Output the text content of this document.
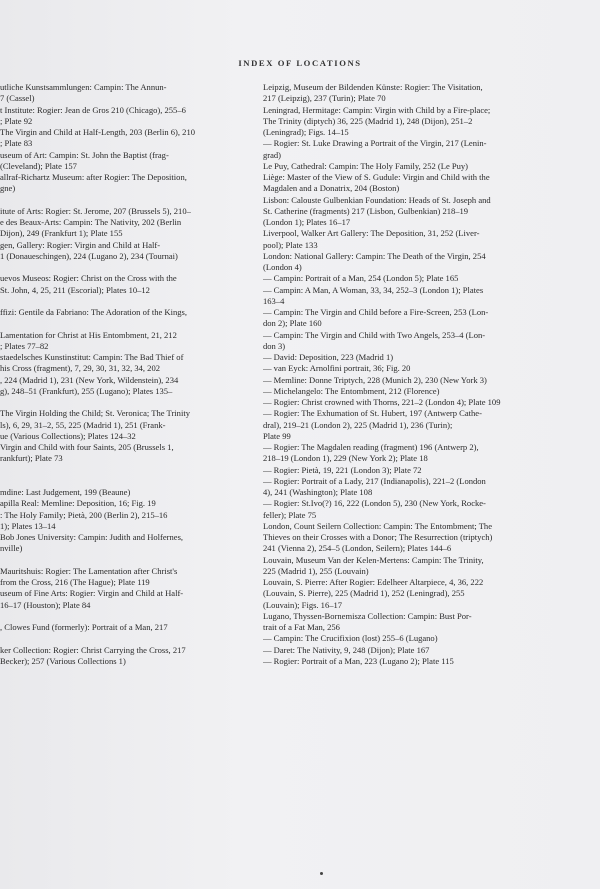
INDEX OF LOCATIONS
utliche Kunstsammlungen: Campin: The Annun-
7 (Cassel)
t Institute: Rogier: Jean de Gros 210 (Chicago), 255–6
; Plate 92
The Virgin and Child at Half-Length, 203 (Berlin 6), 210
; Plate 83
useum of Art: Campin: St. John the Baptist (frag-
(Cleveland); Plate 157
allraf-Richartz Museum: after Rogier: The Deposition,
gne)

itute of Arts: Rogier: St. Jerome, 207 (Brussels 5), 210–
e des Beaux-Arts: Campin: The Nativity, 202 (Berlin
Dijon), 249 (Frankfurt 1); Plate 155
gen, Gallery: Rogier: Virgin and Child at Half-
1 (Donaueschingen), 224 (Lugano 2), 234 (Tournai)

uevos Museos: Rogier: Christ on the Cross with the
St. John, 4, 25, 211 (Escorial); Plates 10–12

ffizi: Gentile da Fabriano: The Adoration of the Kings,

Lamentation for Christ at His Entombment, 21, 212
; Plates 77–82
staedelsches Kunstinstitut: Campin: The Bad Thief of
his Cross (fragment), 7, 29, 30, 31, 32, 34, 202
, 224 (Madrid 1), 231 (New York, Wildenstein), 234
g), 248–51 (Frankfurt), 255 (Lugano); Plates 135–

The Virgin Holding the Child; St. Veronica; The Trinity
ls), 6, 29, 31–2, 55, 225 (Madrid 1), 251 (Frank-
ue (Various Collections); Plates 124–32
Virgin and Child with four Saints, 205 (Brussels 1,
rankfurt); Plate 73

mdine: Last Judgement, 199 (Beaune)
apilla Real: Memline: Deposition, 16; Fig. 19
: The Holy Family; Pietà, 200 (Berlin 2), 215–16
1); Plates 13–14
Bob Jones University: Campin: Judith and Holfernes,
nville)

Mauritshuis: Rogier: The Lamentation after Christ's
from the Cross, 216 (The Hague); Plate 119
useum of Fine Arts: Rogier: Virgin and Child at Half-
16–17 (Houston); Plate 84

, Clowes Fund (formerly): Portrait of a Man, 217

ker Collection: Rogier: Christ Carrying the Cross, 217
Becker); 257 (Various Collections 1)
Leipzig, Museum der Bildenden Künste: Rogier: The Visitation,
217 (Leipzig), 237 (Turin); Plate 70
Leningrad, Hermitage: Campin: Virgin with Child by a Fire-place;
The Trinity (diptych) 36, 225 (Madrid 1), 248 (Dijon), 251–2
(Leningrad); Figs. 14–15
— Rogier: St. Luke Drawing a Portrait of the Virgin, 217 (Lenin-
grad)
Le Puy, Cathedral: Campin: The Holy Family, 252 (Le Puy)
Liège: Master of the View of S. Gudule: Virgin and Child with the
Magdalen and a Donatrix, 204 (Boston)
Lisbon: Calouste Gulbenkian Foundation: Heads of St. Joseph and
St. Catherine (fragments) 217 (Lisbon, Gulbenkian) 218–19
(London 1); Plates 16–17
Liverpool, Walker Art Gallery: The Deposition, 31, 252 (Liver-
pool); Plate 133
London: National Gallery: Campin: The Death of the Virgin, 254
(London 4)
— Campin: Portrait of a Man, 254 (London 5); Plate 165
— Campin: A Man, A Woman, 33, 34, 252–3 (London 1); Plates
163–4
— Campin: The Virgin and Child before a Fire-Screen, 253 (Lon-
don 2); Plate 160
— Campin: The Virgin and Child with Two Angels, 253–4 (Lon-
don 3)
— David: Deposition, 223 (Madrid 1)
— van Eyck: Arnolfini portrait, 36; Fig. 20
— Memline: Donne Triptych, 228 (Munich 2), 230 (New York 3)
— Michelangelo: The Entombment, 212 (Florence)
— Rogier: Christ crowned with Thorns, 221–2 (London 4); Plate 109
— Rogier: The Exhumation of St. Hubert, 197 (Antwerp Cathe-
dral), 219–21 (London 2), 225 (Madrid 1), 236 (Turin);
Plate 99
— Rogier: The Magdalen reading (fragment) 196 (Antwerp 2),
218–19 (London 1), 229 (New York 2); Plate 18
— Rogier: Pietà, 19, 221 (London 3); Plate 72
— Rogier: Portrait of a Lady, 217 (Indianapolis), 221–2 (London
4), 241 (Washington); Plate 108
— Rogier: St.Ivo(?) 16, 222 (London 5), 230 (New York, Rocke-
feller); Plate 75
London, Count Seilern Collection: Campin: The Entombment; The
Thieves on their Crosses with a Donor; The Resurrection (triptych)
241 (Vienna 2), 254–5 (London, Seilern); Plates 144–6
Louvain, Museum Van der Kelen-Mertens: Campin: The Trinity,
225 (Madrid 1), 255 (Louvain)
Louvain, S. Pierre: After Rogier: Edelheer Altarpiece, 4, 36, 222
(Louvain, S. Pierre), 225 (Madrid 1), 252 (Leningrad), 255
(Louvain); Figs. 16–17
Lugano, Thyssen-Bornemisza Collection: Campin: Bust Por-
trait of a Fat Man, 256
— Campin: The Crucifixion (lost) 255–6 (Lugano)
— Daret: The Nativity, 9, 248 (Dijon); Plate 167
— Rogier: Portrait of a Man, 223 (Lugano 2); Plate 115
